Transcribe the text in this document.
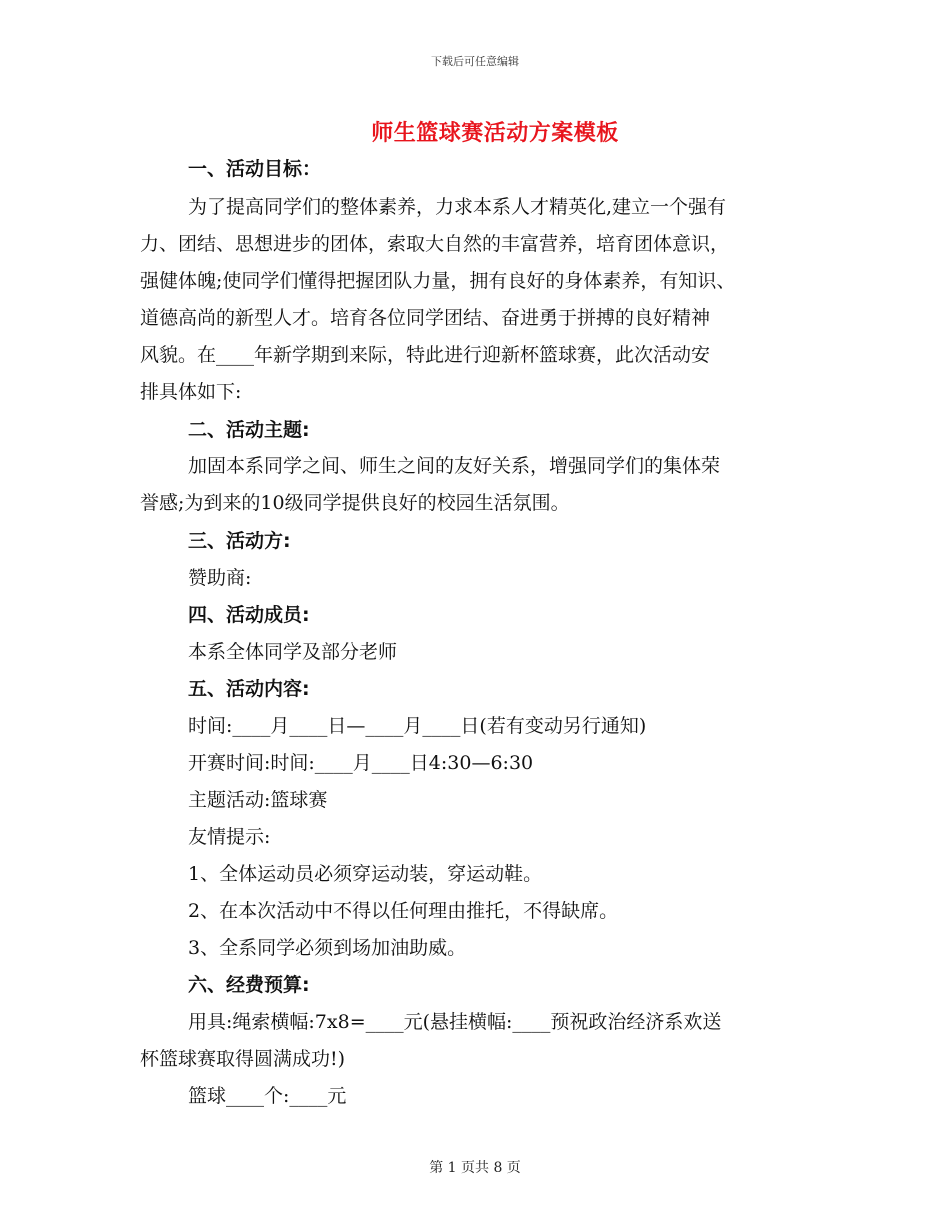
下载后可任意编辑
师生篮球赛活动方案模板
一、活动目标：
为了提高同学们的整体素养，力求本系人才精英化,建立一个强有
力、团结、思想进步的团体，索取大自然的丰富营养，培育团体意识，
强健体魄;使同学们懂得把握团队力量，拥有良好的身体素养，有知识、
道德高尚的新型人才。培育各位同学团结、奋进勇于拼搏的良好精神
风貌。在____年新学期到来际，特此进行迎新杯篮球赛，此次活动安
排具体如下:
二、活动主题:
加固本系同学之间、师生之间的友好关系，增强同学们的集体荣
誉感;为到来的10级同学提供良好的校园生活氛围。
三、活动方:
赞助商:
四、活动成员:
本系全体同学及部分老师
五、活动内容:
时间:____月____日—____月____日(若有变动另行通知)
开赛时间:时间:____月____日4:30—6:30
主题活动:篮球赛
友情提示:
1、全体运动员必须穿运动装，穿运动鞋。
2、在本次活动中不得以任何理由推托，不得缺席。
3、全系同学必须到场加油助威。
六、经费预算:
用具:绳索横幅:7x8=____元(悬挂横幅:____预祝政治经济系欢送
杯篮球赛取得圆满成功!)
篮球____个:____元
第 1 页共 8 页
